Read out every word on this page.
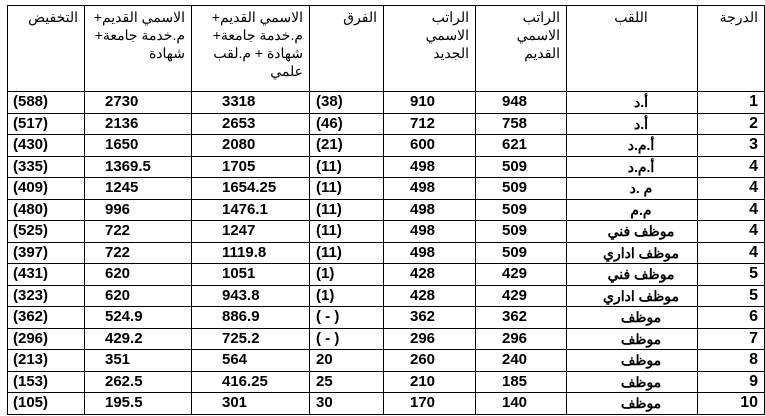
الدرجة	اللقب	الراتب الاسمي القديم	الراتب الاسمي الجديد	الفرق	الاسمي القديم+ م.خدمة جامعة+ شهادة + م.لقب علمي	الاسمي القديم+ م.خدمة جامعة+ شهادة	التخفيض
1	أ.د	948	910	(38)	3318	2730	(588)
2	أ.د	758	712	(46)	2653	2136	(517)
3	أ.م.د	621	600	(21)	2080	1650	(430)
4	أ.م.د	509	498	(11)	1705	1369.5	(335)
4	م .د	509	498	(11)	1654.25	1245	(409)
4	م.م	509	498	(11)	1476.1	996	(480)
4	موظف فني	509	498	(11)	1247	722	(525)
4	موظف اداري	509	498	(11)	1119.8	722	(397)
5	موظف فني	429	428	(1)	1051	620	(431)
5	موظف اداري	429	428	(1)	943.8	620	(323)
6	موظف	362	362	( - )	886.9	524.9	(362)
7	موظف	296	296	( - )	725.2	429.2	(296)
8	موظف	240	260	20	564	351	(213)
9	موظف	185	210	25	416.25	262.5	(153)
10	موظف	140	170	30	301	195.5	(105)
